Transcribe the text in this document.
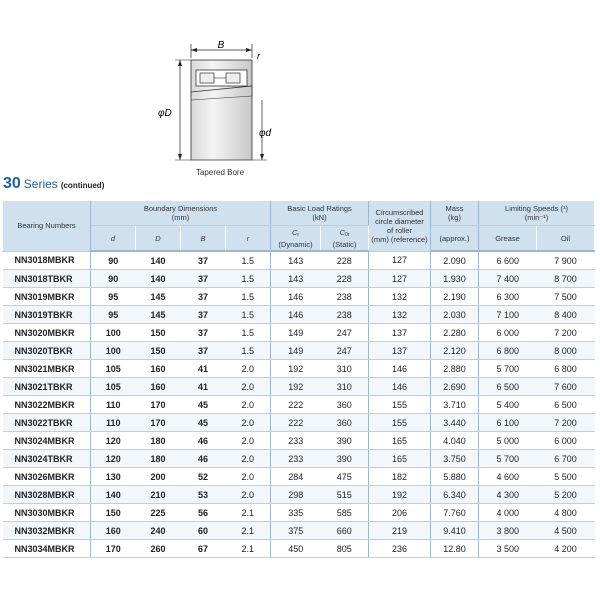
B
r
φD
φd
Tapered Bore
30 Series (continued)
Bearing Numbers	Boundary Dimensions
(mm)				Basic Load Ratings
(kN)		Circumscribed circle diameter
of roller
(mm) (reference)	Mass
(kg)	Limiting Speeds (¹)
(min⁻¹)	
	d	D	B	r	$C_r$
(Dynamic)	$C_{0r}$
(Static)		(approx.)	Grease	Oil
NN3018MBKR	90	140	37	1.5	143	228	127	2.090	6 600	7 900
NN3018TBKR	90	140	37	1.5	143	228	127	1.930	7 400	8 700
NN3019MBKR	95	145	37	1.5	146	238	132	2.190	6 300	7 500
NN3019TBKR	95	145	37	1.5	146	238	132	2.030	7 100	8 400
NN3020MBKR	100	150	37	1.5	149	247	137	2.280	6 000	7 200
NN3020TBKR	100	150	37	1.5	149	247	137	2.120	6 800	8 000
NN3021MBKR	105	160	41	2.0	192	310	146	2.880	5 700	6 800
NN3021TBKR	105	160	41	2.0	192	310	146	2.690	6 500	7 600
NN3022MBKR	110	170	45	2.0	222	360	155	3.710	5 400	6 500
NN3022TBKR	110	170	45	2.0	222	360	155	3.440	6 100	7 200
NN3024MBKR	120	180	46	2.0	233	390	165	4.040	5 000	6 000
NN3024TBKR	120	180	46	2.0	233	390	165	3.750	5 700	6 700
NN3026MBKR	130	200	52	2.0	284	475	182	5.880	4 600	5 500
NN3028MBKR	140	210	53	2.0	298	515	192	6.340	4 300	5 200
NN3030MBKR	150	225	56	2.1	335	585	206	7.760	4 000	4 800
NN3032MBKR	160	240	60	2.1	375	660	219	9.410	3 800	4 500
NN3034MBKR	170	260	67	2.1	450	805	236	12.80	3 500	4 200
